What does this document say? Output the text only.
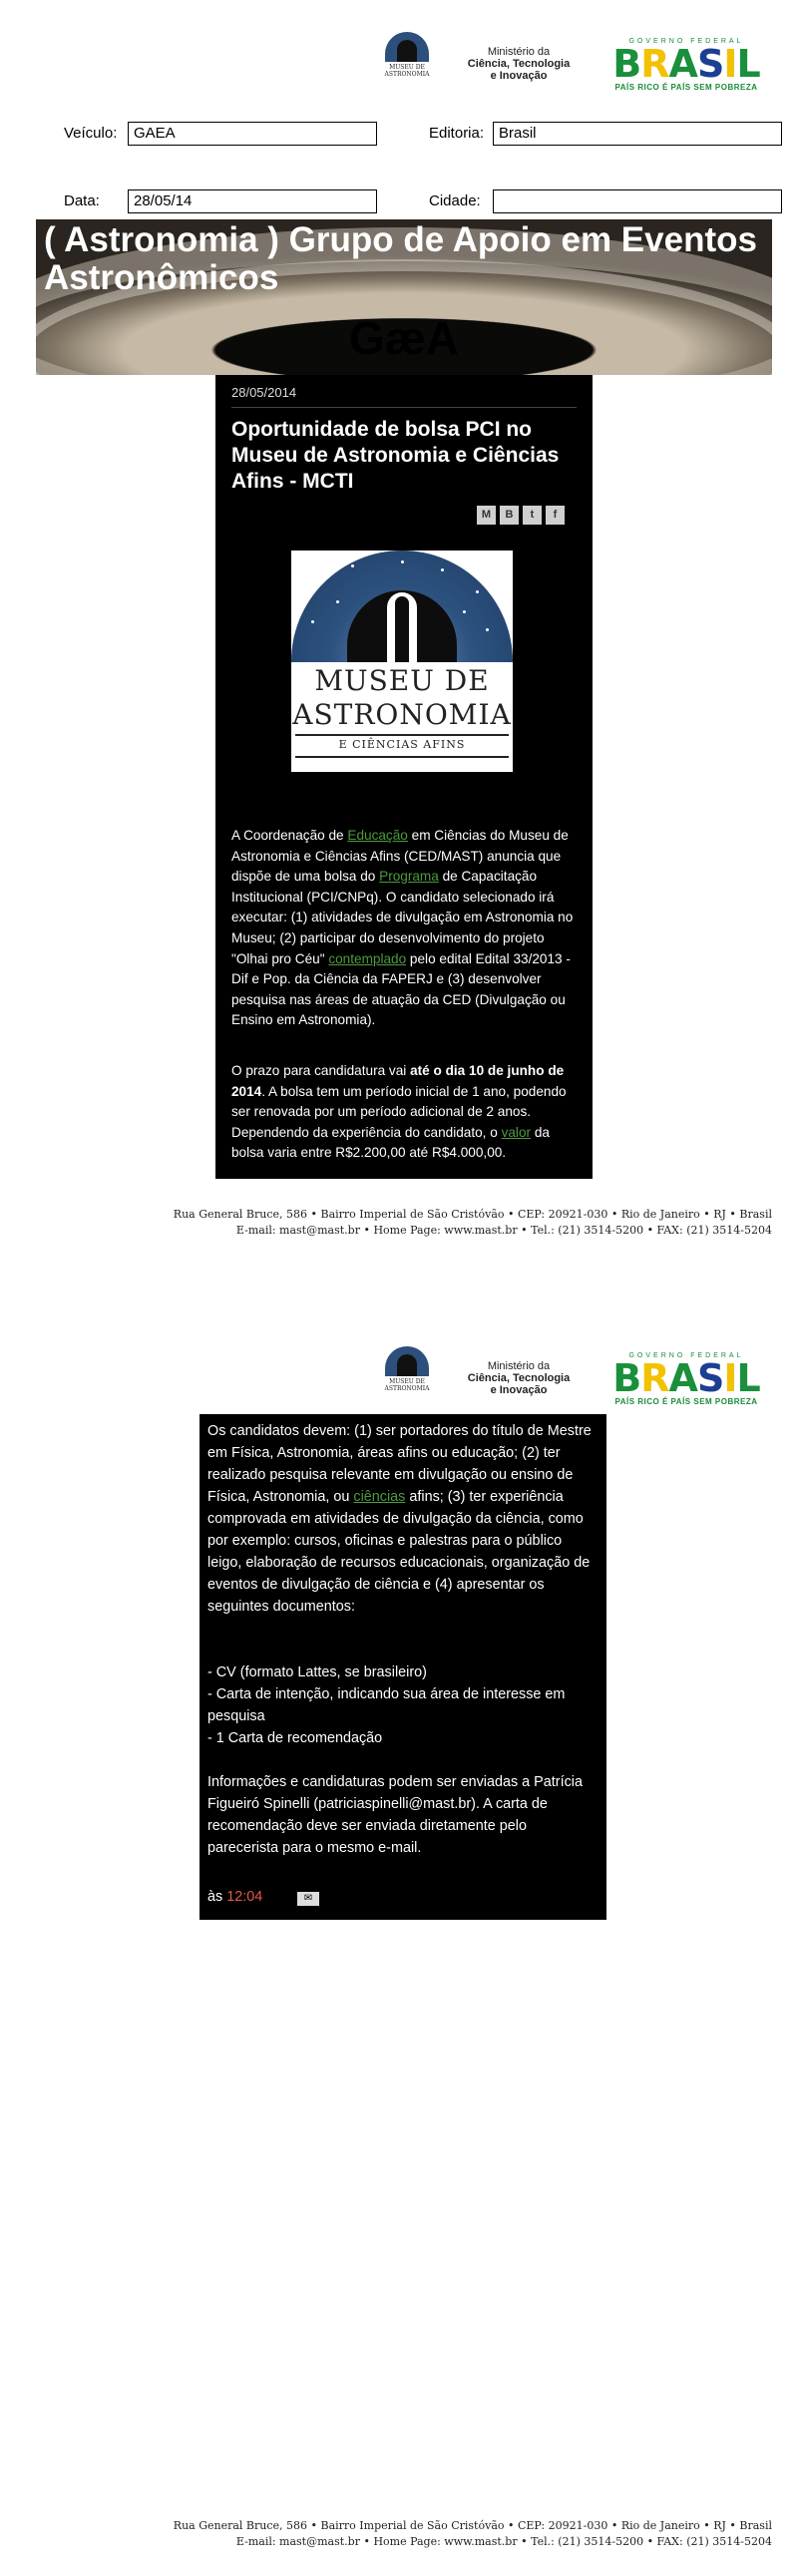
MUSEU DE
ASTRONOMIA
Ministério da
Ciência, Tecnologia
e Inovação
GOVERNO FEDERAL
BRASIL
PAÍS RICO É PAÍS SEM POBREZA
Veículo:	GAEA	Editoria: Brasil
Data:	28/05/14	Cidade:
( Astronomia ) Grupo de Apoio em Eventos Astronômicos
GæA
28/05/2014
Oportunidade de bolsa PCI no Museu de Astronomia e Ciências Afins - MCTI
M B t f
MUSEU DE
ASTRONOMIA
E CIÊNCIAS AFINS
A Coordenação de Educação em Ciências do Museu de Astronomia e Ciências Afins (CED/MAST) anuncia que dispõe de uma bolsa do Programa de Capacitação Institucional (PCI/CNPq). O candidato selecionado irá executar: (1) atividades de divulgação em Astronomia no Museu; (2) participar do desenvolvimento do projeto "Olhai pro Céu" contemplado pelo edital Edital 33/2013 - Dif e Pop. da Ciência da FAPERJ e (3) desenvolver pesquisa nas áreas de atuação da CED (Divulgação ou Ensino em Astronomia).
O prazo para candidatura vai até o dia 10 de junho de 2014. A bolsa tem um período inicial de 1 ano, podendo ser renovada por um período adicional de 2 anos. Dependendo da experiência do candidato, o valor da bolsa varia entre R$2.200,00 até R$4.000,00.
Rua General Bruce, 586 • Bairro Imperial de São Cristóvão • CEP: 20921-030 • Rio de Janeiro • RJ • Brasil
E-mail: mast@mast.br • Home Page: www.mast.br • Tel.: (21) 3514-5200 • FAX: (21) 3514-5204
MUSEU DE
ASTRONOMIA
Ministério da
Ciência, Tecnologia
e Inovação
GOVERNO FEDERAL
BRASIL
PAÍS RICO É PAÍS SEM POBREZA
Os candidatos devem: (1) ser portadores do título de Mestre em Física, Astronomia, áreas afins ou educação; (2) ter realizado pesquisa relevante em divulgação ou ensino de Física, Astronomia, ou ciências afins; (3) ter experiência comprovada em atividades de divulgação da ciência, como por exemplo: cursos, oficinas e palestras para o público leigo, elaboração de recursos educacionais, organização de eventos de divulgação de ciência e (4) apresentar os seguintes documentos:
- CV (formato Lattes, se brasileiro)
- Carta de intenção, indicando sua área de interesse em pesquisa
- 1 Carta de recomendação
Informações e candidaturas podem ser enviadas a Patrícia Figueiró Spinelli (patriciaspinelli@mast.br). A carta de recomendação deve ser enviada diretamente pelo parecerista para o mesmo e-mail.
às 12:04	✉
Rua General Bruce, 586 • Bairro Imperial de São Cristóvão • CEP: 20921-030 • Rio de Janeiro • RJ • Brasil
E-mail: mast@mast.br • Home Page: www.mast.br • Tel.: (21) 3514-5200 • FAX: (21) 3514-5204
